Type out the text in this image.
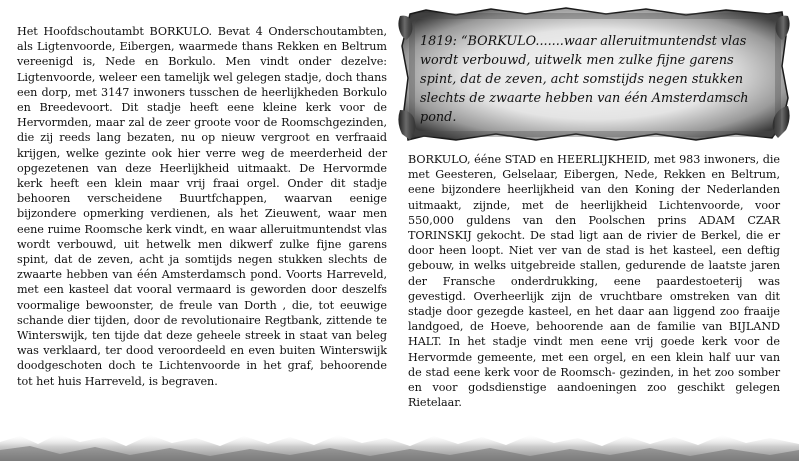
Het Hoofdschoutambt BORKULO. Bevat 4 Onderschoutambten, als Ligtenvoorde, Eibergen, waarmede thans Rekken en Beltrum vereenigd is, Nede en Borkulo. Men vindt onder dezelve: Ligtenvoorde, weleer een tamelijk wel gelegen stadje, doch thans een dorp, met 3147 inwoners tusschen de heerlijkheden Borkulo en Breedevoort. Dit stadje heeft eene kleine kerk voor de Hervormden, maar zal de zeer groote voor de Roomschgezinden, die zij reeds lang bezaten, nu op nieuw vergroot en verfraaid krijgen, welke gezinte ook hier verre weg de meerderheid der opgezetenen van deze Heerlijkheid uitmaakt. De Hervormde kerk heeft een klein maar vrij fraai orgel. Onder dit stadje behooren verscheidene Buurtfchappen, waarvan eenige bijzondere opmerking verdienen, als het Zieuwent, waar men eene ruime Roomsche kerk vindt, en waar alleruitmuntendst vlas wordt verbouwd, uit hetwelk men dikwerf zulke fijne garens spint, dat de zeven, acht ja somtijds negen stukken slechts de zwaarte hebben van één Amsterdamsch pond. Voorts Harreveld, met een kasteel dat vooral vermaard is geworden door deszelfs voormalige bewoonster, de freule van Dorth , die, tot eeuwige schande dier tijden, door de revolutionaire Regtbank, zittende te Winterswijk, ten tijde dat deze geheele streek in staat van beleg was verklaard, ter dood veroordeeld en even buiten Winterswijk doodgeschoten doch te Lichtenvoorde in het graf, behoorende tot het huis Harreveld, is begraven.
1819: “BORKULO.......waar alleruitmuntendst vlas wordt verbouwd, uitwelk men zulke fijne garens spint, dat de zeven, acht somstijds negen stukken slechts de zwaarte hebben van één Amsterdamsch pond.
BORKULO, ééne STAD en HEERLIJKHEID, met 983 inwoners, die met Geesteren, Gelselaar, Eibergen, Nede, Rekken en Beltrum, eene bijzondere heerlijkheid van den Koning der Nederlanden uitmaakt, zijnde, met de heerlijkheid Lichtenvoorde, voor 550,000 guldens van den Poolschen prins ADAM CZAR TORINSKIJ gekocht. De stad ligt aan de rivier de Berkel, die er door heen loopt. Niet ver van de stad is het kasteel, een deftig gebouw, in welks uitgebreide stallen, gedurende de laatste jaren der Fransche onderdrukking, eene paardestoeterij was gevestigd. Overheerlijk zijn de vruchtbare omstreken van dit stadje door gezegde kasteel, en het daar aan liggend zoo fraaije landgoed, de Hoeve, behoorende aan de familie van BIJLAND HALT. In het stadje vindt men eene vrij goede kerk voor de Hervormde gemeente, met een orgel, en een klein half uur van de stad eene kerk voor de Roomsch- gezinden, in het zoo somber en voor godsdienstige aandoeningen zoo geschikt gelegen Rietelaar.
